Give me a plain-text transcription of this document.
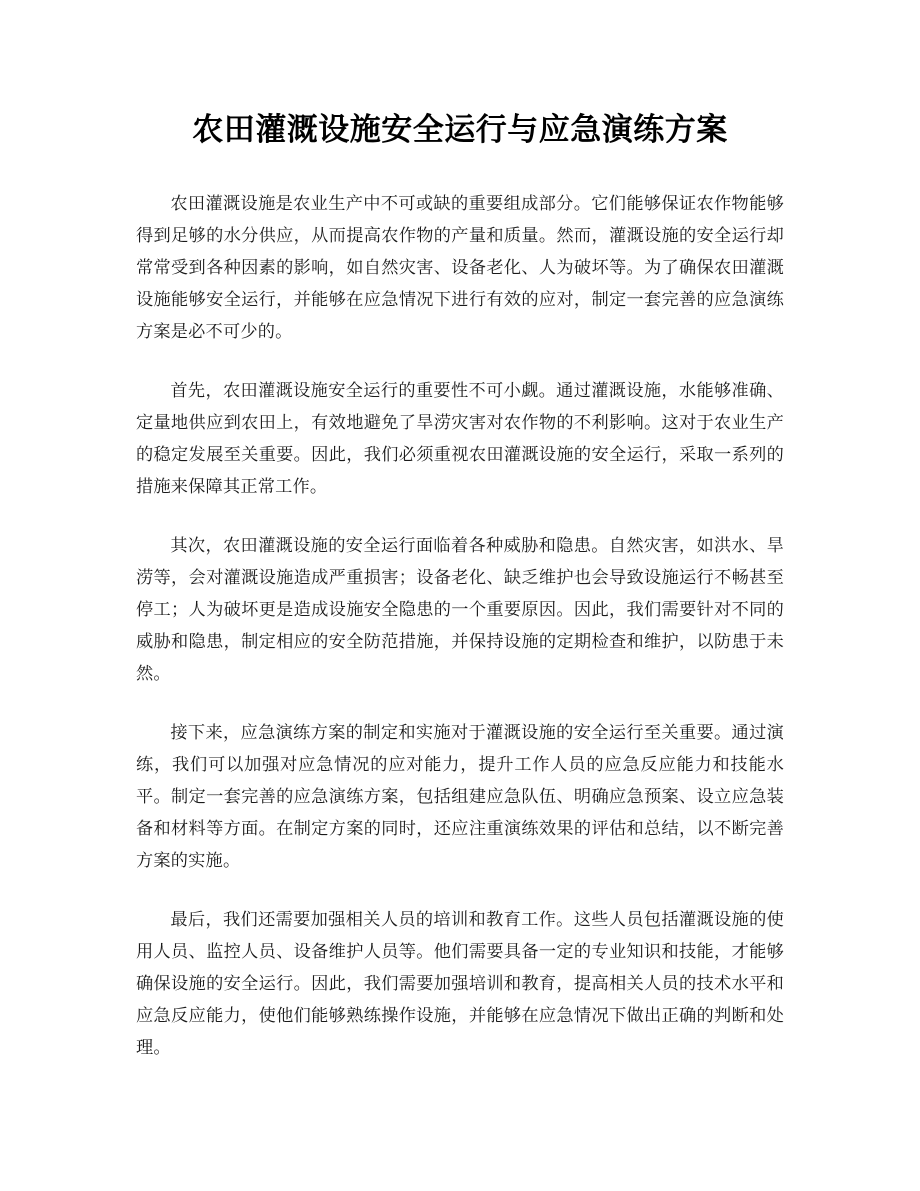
农田灌溉设施安全运行与应急演练方案

农田灌溉设施是农业生产中不可或缺的重要组成部分。它们能够保证农作物能够得到足够的水分供应，从而提高农作物的产量和质量。然而，灌溉设施的安全运行却常常受到各种因素的影响，如自然灾害、设备老化、人为破坏等。为了确保农田灌溉设施能够安全运行，并能够在应急情况下进行有效的应对，制定一套完善的应急演练方案是必不可少的。

首先，农田灌溉设施安全运行的重要性不可小觑。通过灌溉设施，水能够准确、定量地供应到农田上，有效地避免了旱涝灾害对农作物的不利影响。这对于农业生产的稳定发展至关重要。因此，我们必须重视农田灌溉设施的安全运行，采取一系列的措施来保障其正常工作。

其次，农田灌溉设施的安全运行面临着各种威胁和隐患。自然灾害，如洪水、旱涝等，会对灌溉设施造成严重损害；设备老化、缺乏维护也会导致设施运行不畅甚至停工；人为破坏更是造成设施安全隐患的一个重要原因。因此，我们需要针对不同的威胁和隐患，制定相应的安全防范措施，并保持设施的定期检查和维护，以防患于未然。

接下来，应急演练方案的制定和实施对于灌溉设施的安全运行至关重要。通过演练，我们可以加强对应急情况的应对能力，提升工作人员的应急反应能力和技能水平。制定一套完善的应急演练方案，包括组建应急队伍、明确应急预案、设立应急装备和材料等方面。在制定方案的同时，还应注重演练效果的评估和总结，以不断完善方案的实施。

最后，我们还需要加强相关人员的培训和教育工作。这些人员包括灌溉设施的使用人员、监控人员、设备维护人员等。他们需要具备一定的专业知识和技能，才能够确保设施的安全运行。因此，我们需要加强培训和教育，提高相关人员的技术水平和应急反应能力，使他们能够熟练操作设施，并能够在应急情况下做出正确的判断和处理。
